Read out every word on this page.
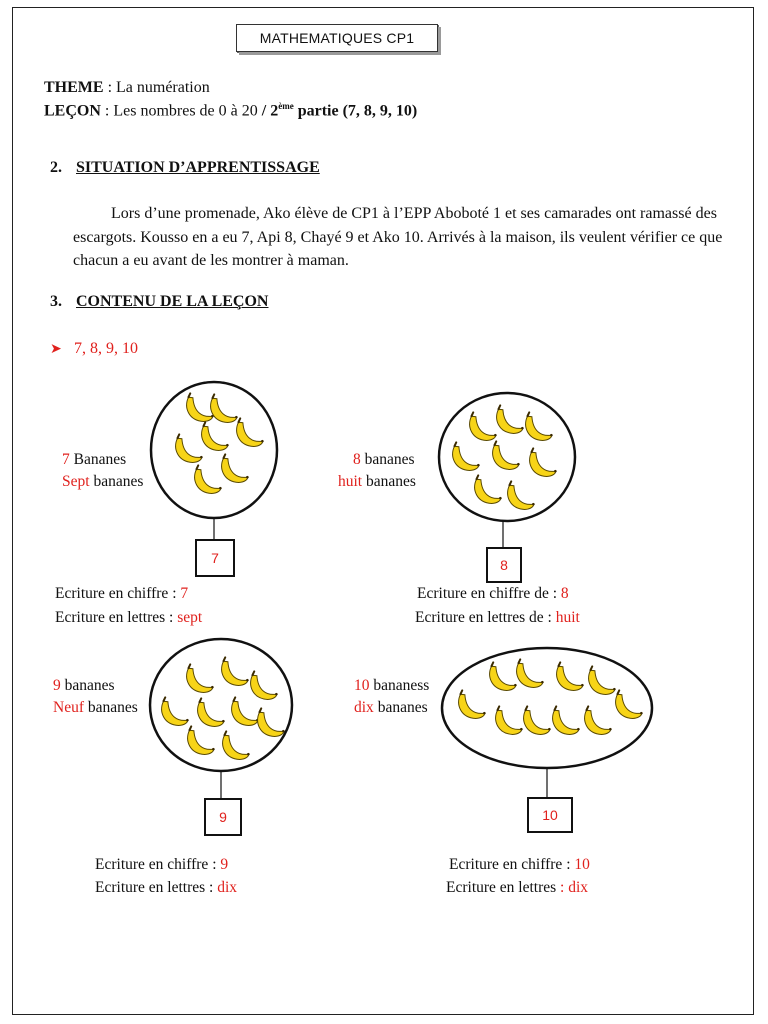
MATHEMATIQUES CP1
THEME : La numération
LEÇON : Les nombres de 0 à 20 / 2ème partie (7, 8, 9, 10)
2. SITUATION D’APPRENTISSAGE
Lors d’une promenade, Ako élève de CP1 à l’EPP Aboboté 1 et ses camarades ont ramassé des escargots. Kousso en a eu 7, Api 8, Chayé 9 et Ako 10. Arrivés à la maison, ils veulent vérifier ce que chacun a eu avant de les montrer à maman.
3. CONTENU DE LA LEÇON
➤ 7, 8, 9, 10
7 Bananes
Sept bananes
7
Ecriture en chiffre : 7
Ecriture en lettres : sept
8 bananes
huit bananes
8
Ecriture en chiffre de : 8
Ecriture en lettres de : huit
9 bananes
Neuf bananes
9
Ecriture en chiffre : 9
Ecriture en lettres : dix
10 bananess
dix bananes
10
Ecriture en chiffre : 10
Ecriture en lettres : dix
